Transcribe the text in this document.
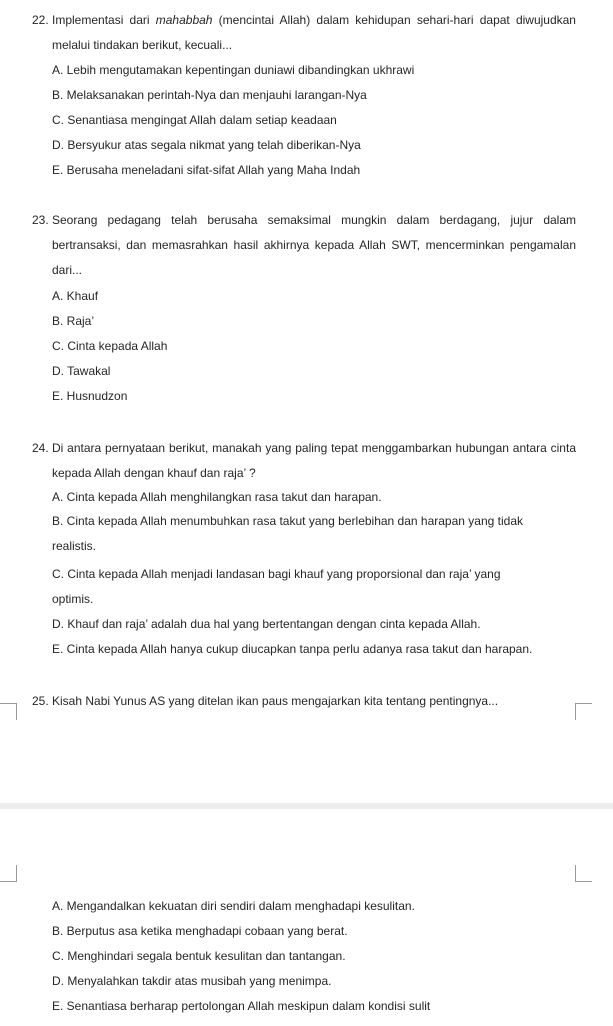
22. Implementasi dari mahabbah (mencintai Allah) dalam kehidupan sehari-hari dapat diwujudkan melalui tindakan berikut, kecuali...
A. Lebih mengutamakan kepentingan duniawi dibandingkan ukhrawi
B. Melaksanakan perintah-Nya dan menjauhi larangan-Nya
C. Senantiasa mengingat Allah dalam setiap keadaan
D. Bersyukur atas segala nikmat yang telah diberikan-Nya
E. Berusaha meneladani sifat-sifat Allah yang Maha Indah
23. Seorang pedagang telah berusaha semaksimal mungkin dalam berdagang, jujur dalam bertransaksi, dan memasrahkan hasil akhirnya kepada Allah SWT, mencerminkan pengamalan dari...
A. Khauf
B. Raja’
C. Cinta kepada Allah
D. Tawakal
E. Husnudzon
24. Di antara pernyataan berikut, manakah yang paling tepat menggambarkan hubungan antara cinta kepada Allah dengan khauf dan raja’ ?
A. Cinta kepada Allah menghilangkan rasa takut dan harapan.
B. Cinta kepada Allah menumbuhkan rasa takut yang berlebihan dan harapan yang tidak realistis.
C. Cinta kepada Allah menjadi landasan bagi khauf yang proporsional dan raja’ yang optimis.
D. Khauf dan raja’ adalah dua hal yang bertentangan dengan cinta kepada Allah.
E. Cinta kepada Allah hanya cukup diucapkan tanpa perlu adanya rasa takut dan harapan.
25. Kisah Nabi Yunus AS yang ditelan ikan paus mengajarkan kita tentang pentingnya...
A. Mengandalkan kekuatan diri sendiri dalam menghadapi kesulitan.
B. Berputus asa ketika menghadapi cobaan yang berat.
C. Menghindari segala bentuk kesulitan dan tantangan.
D. Menyalahkan takdir atas musibah yang menimpa.
E. Senantiasa berharap pertolongan Allah meskipun dalam kondisi sulit
